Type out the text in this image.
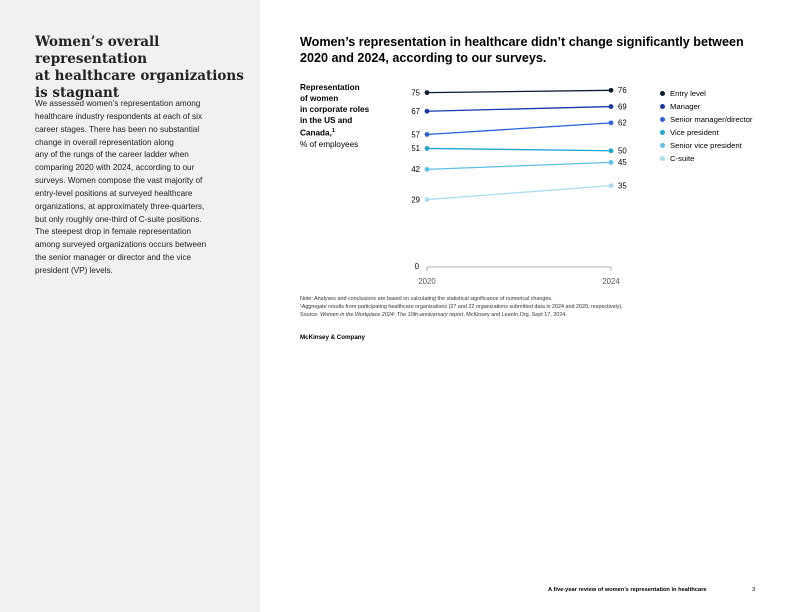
Women’s overall representation
at healthcare organizations
is stagnant
We assessed women’s representation among
healthcare industry respondents at each of six
career stages. There has been no substantial
change in overall representation along
any of the rungs of the career ladder when
comparing 2020 with 2024, according to our
surveys. Women compose the vast majority of
entry-level positions at surveyed healthcare
organizations, at approximately three-quarters,
but only roughly one-third of C-suite positions.
The steepest drop in female representation
among surveyed organizations occurs between
the senior manager or director and the vice
president (VP) levels.
Women’s representation in healthcare didn’t change significantly between
2020 and 2024, according to our surveys.
Representation
of women
in corporate roles
in the US and
Canada,$^1$
% of employees
2020	2024
0
75	76
67
69
57
62
51	50
42
45
29
35
Entry level
Manager
Senior manager/director
Vice president
Senior vice president
C-suite
Note: Analyses and conclusions are based on calculating the statistical significance of numerical changes.
¹Aggregate results from participating healthcare organizations (27 and 22 organizations submitted data in 2024 and 2020, respectively).
Source: Women in the Workplace 2024: The 10th-anniversary report, McKinsey and LeanIn.Org, Sept 17, 2024.
McKinsey & Company
A five-year review of women’s representation in healthcare	3
